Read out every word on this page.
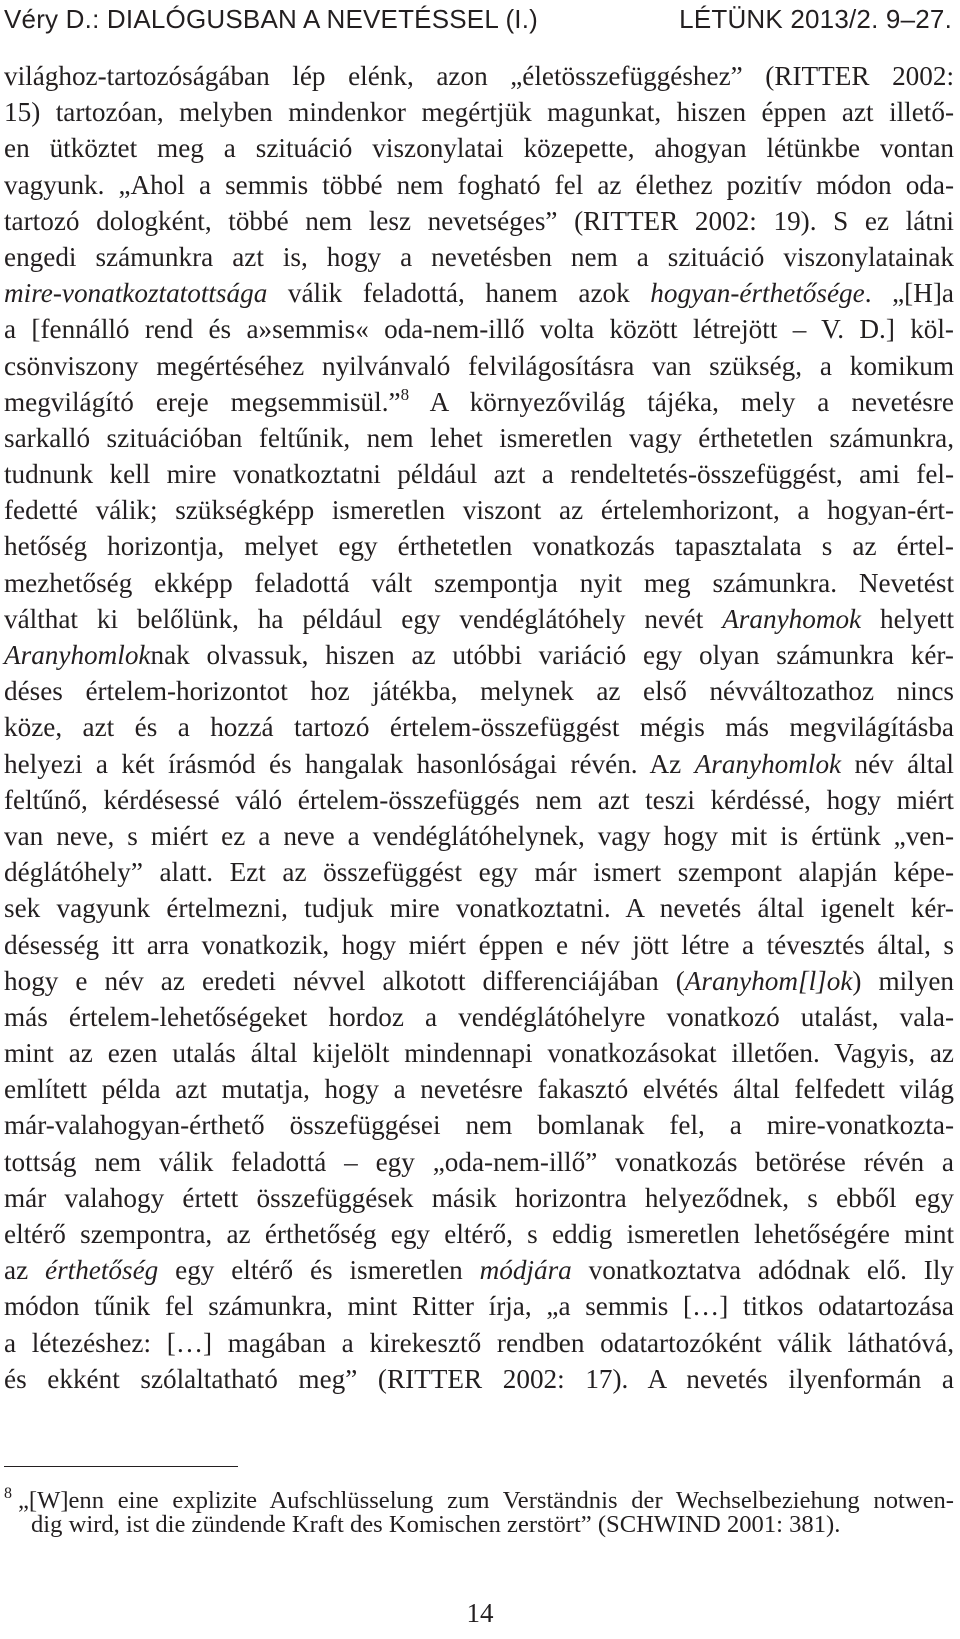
Véry D.: DIALÓGUSBAN A NEVETÉSSEL (I.)	LÉTÜNK 2013/2. 9–27.
világhoz-tartozóságában lép elénk, azon „életösszefüggéshez” (RITTER 2002:
15) tartozóan, melyben mindenkor megértjük magunkat, hiszen éppen azt illető-
en ütköztet meg a szituáció viszonylatai közepette, ahogyan létünkbe vontan
vagyunk. „Ahol a semmis többé nem fogható fel az élethez pozitív módon oda-
tartozó dologként, többé nem lesz nevetséges” (RITTER 2002: 19). S ez látni
engedi számunkra azt is, hogy a nevetésben nem a szituáció viszonylatainak
mire-vonatkoztatottsága válik feladottá, hanem azok hogyan-érthetősége. „[H]a
a [fennálló rend és a»semmis« oda-nem-illő volta között létrejött – V. D.] köl-
csönviszony megértéséhez nyilvánvaló felvilágosításra van szükség, a komikum
megvilágító ereje megsemmisül.”$^8$ A környezővilág tájéka, mely a nevetésre
sarkalló szituációban feltűnik, nem lehet ismeretlen vagy érthetetlen számunkra,
tudnunk kell mire vonatkoztatni például azt a rendeltetés-összefüggést, ami fel-
fedetté válik; szükségképp ismeretlen viszont az értelemhorizont, a hogyan-ért-
hetőség horizontja, melyet egy érthetetlen vonatkozás tapasztalata s az értel-
mezhetőség ekképp feladottá vált szempontja nyit meg számunkra. Nevetést
válthat ki belőlünk, ha például egy vendéglátóhely nevét Aranyhomok helyett
Aranyhomloknak olvassuk, hiszen az utóbbi variáció egy olyan számunkra kér-
déses értelem-horizontot hoz játékba, melynek az első névváltozathoz nincs
köze, azt és a hozzá tartozó értelem-összefüggést mégis más megvilágításba
helyezi a két írásmód és hangalak hasonlóságai révén. Az Aranyhomlok név által
feltűnő, kérdésessé váló értelem-összefüggés nem azt teszi kérdéssé, hogy miért
van neve, s miért ez a neve a vendéglátóhelynek, vagy hogy mit is értünk „ven-
déglátóhely” alatt. Ezt az összefüggést egy már ismert szempont alapján képe-
sek vagyunk értelmezni, tudjuk mire vonatkoztatni. A nevetés által igenelt kér-
désesség itt arra vonatkozik, hogy miért éppen e név jött létre a tévesztés által, s
hogy e név az eredeti névvel alkotott differenciájában (Aranyhom[l]ok) milyen
más értelem-lehetőségeket hordoz a vendéglátóhelyre vonatkozó utalást, vala-
mint az ezen utalás által kijelölt mindennapi vonatkozásokat illetően. Vagyis, az
említett példa azt mutatja, hogy a nevetésre fakasztó elvétés által felfedett világ
már-valahogyan-érthető összefüggései nem bomlanak fel, a mire-vonatkozta-
tottság nem válik feladottá – egy „oda-nem-illő” vonatkozás betörése révén a
már valahogy értett összefüggések másik horizontra helyeződnek, s ebből egy
eltérő szempontra, az érthetőség egy eltérő, s eddig ismeretlen lehetőségére mint
az érthetőség egy eltérő és ismeretlen módjára vonatkoztatva adódnak elő. Ily
módon tűnik fel számunkra, mint Ritter írja, „a semmis […] titkos odatartozása
a létezéshez: […] magában a kirekesztő rendben odatartozóként válik láthatóvá,
és ekként szólaltatható meg” (RITTER 2002: 17). A nevetés ilyenformán a
$^8$ „[W]enn eine explizite Aufschlüsselung zum Verständnis der Wechselbeziehung notwen-
dig wird, ist die zündende Kraft des Komischen zerstört” (SCHWIND 2001: 381).
14
